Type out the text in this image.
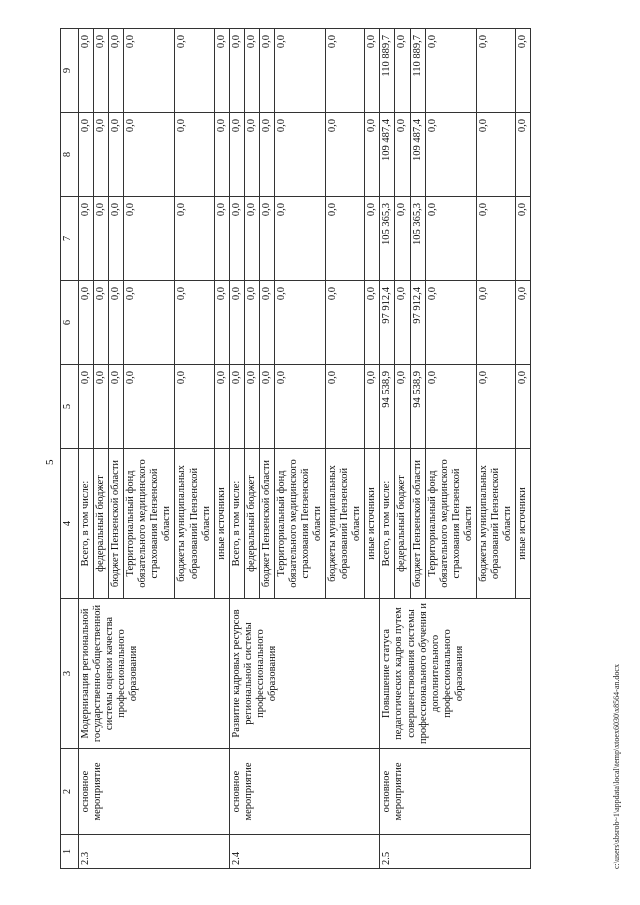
5
1	2	3	4	5	6	7	8	9
2.3	основное мероприятие	Модернизация региональной государственно-общественной системы оценки качества профессионального образования	Всего, в том числе:	0,0	0,0	0,0	0,0	0,0
			федеральный бюджет	0,0	0,0	0,0	0,0	0,0
			бюджет Пензенской области	0,0	0,0	0,0	0,0	0,0
			Территориальный фонд обязательного медицинского страхования Пензенской области	0,0	0,0	0,0	0,0	0,0
			бюджеты муниципальных образований Пензенской области	0,0	0,0	0,0	0,0	0,0
			иные источники	0,0	0,0	0,0	0,0	0,0
2.4	основное мероприятие	Развитие кадровых ресурсов региональной системы профессионального образования	Всего, в том числе:	0,0	0,0	0,0	0,0	0,0
			федеральный бюджет	0,0	0,0	0,0	0,0	0,0
			бюджет Пензенской области	0,0	0,0	0,0	0,0	0,0
			Территориальный фонд обязательного медицинского страхования Пензенской области	0,0	0,0	0,0	0,0	0,0
			бюджеты муниципальных образований Пензенской области	0,0	0,0	0,0	0,0	0,0
			иные источники	0,0	0,0	0,0	0,0	0,0
2.5	основное мероприятие	Повышение статуса педагогических кадров путем совершенствования системы профессионального обучения и дополнительного профессионального образования	Всего, в том числе:	94 538,9	97 912,4	105 365,3	109 487,4	110 889,7
			федеральный бюджет	0,0	0,0	0,0	0,0	0,0
			бюджет Пензенской области	94 538,9	97 912,4	105 365,3	109 487,4	110 889,7
			Территориальный фонд обязательного медицинского страхования Пензенской области	0,0	0,0	0,0	0,0	0,0
			бюджеты муниципальных образований Пензенской области	0,0	0,0	0,0	0,0	0,0
			иные источники	0,0	0,0	0,0	0,0	0,0
c:\users\sbsrob~1\appdata\local\temp\xtoex6030\x8564-an.docx
